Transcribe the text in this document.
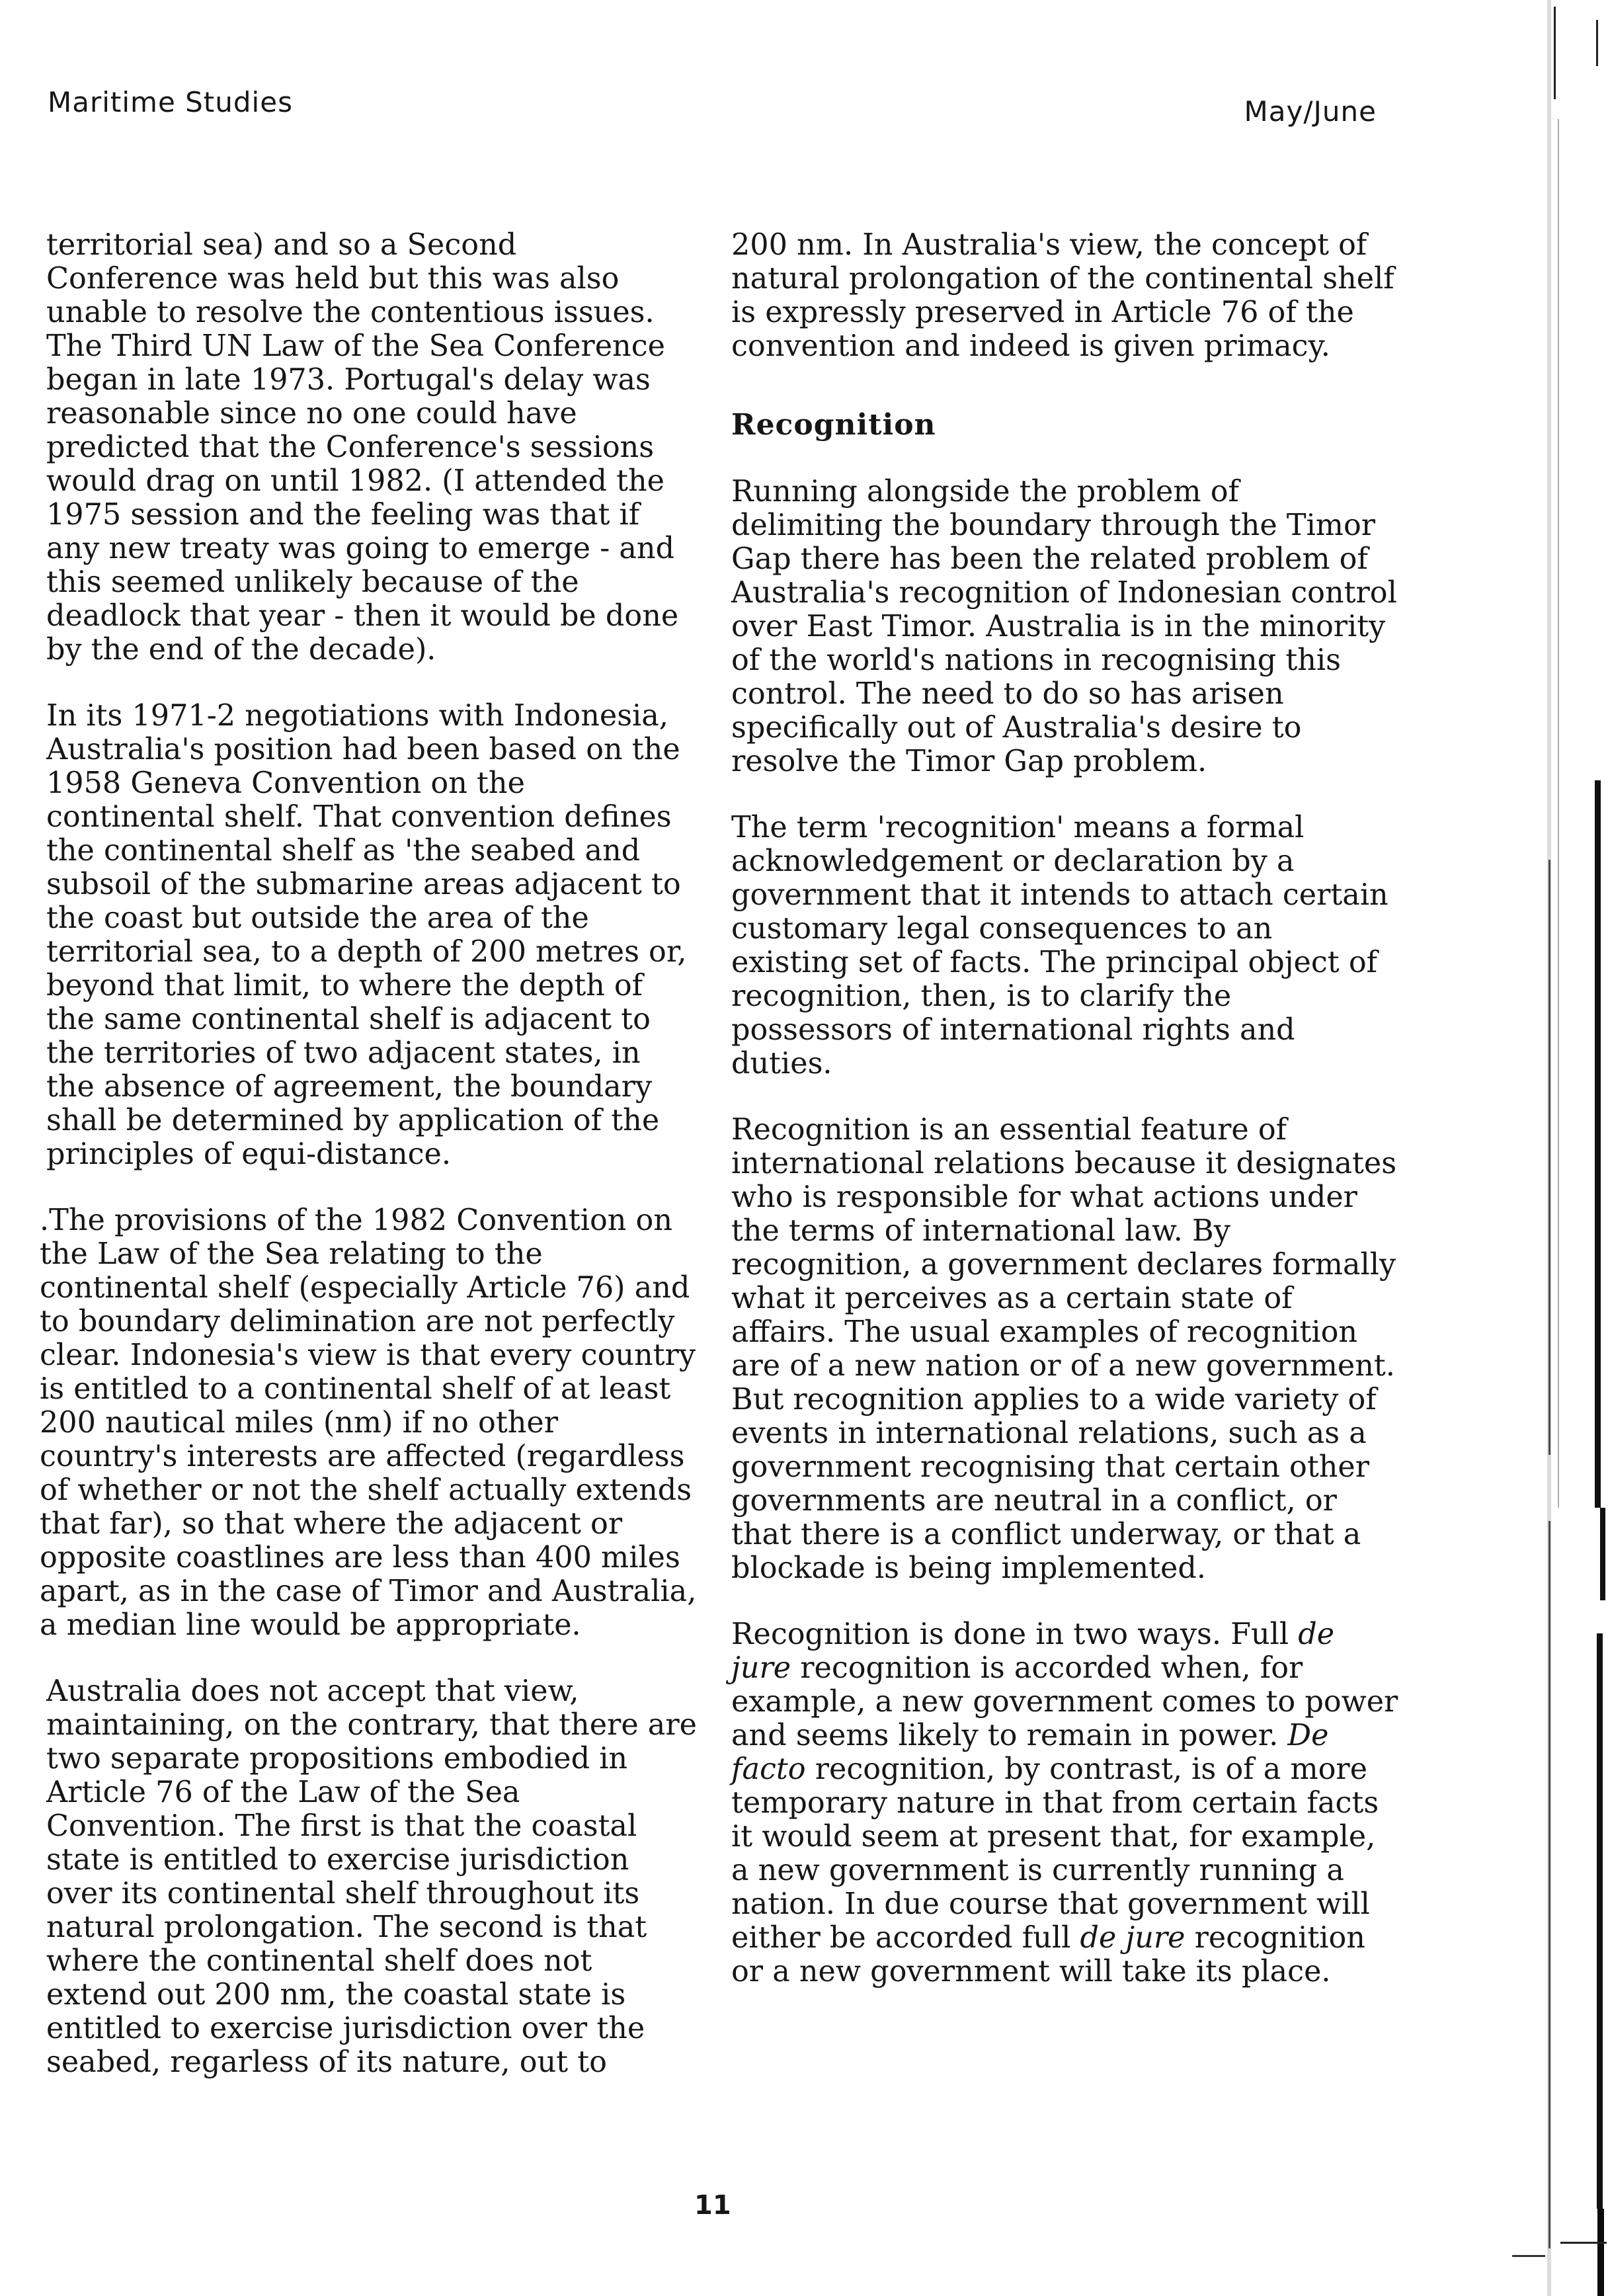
Maritime Studies	May/June

territorial sea) and so a Second Conference was held but this was also unable to resolve the contentious issues. The Third UN Law of the Sea Conference began in late 1973. Portugal's delay was reasonable since no one could have predicted that the Conference's sessions would drag on until 1982. (I attended the 1975 session and the feeling was that if any new treaty was going to emerge - and this seemed unlikely because of the deadlock that year - then it would be done by the end of the decade).

In its 1971-2 negotiations with Indonesia, Australia's position had been based on the 1958 Geneva Convention on the continental shelf. That convention defines the continental shelf as 'the seabed and subsoil of the submarine areas adjacent to the coast but outside the area of the territorial sea, to a depth of 200 metres or, beyond that limit, to where the depth of the same continental shelf is adjacent to the territories of two adjacent states, in the absence of agreement, the boundary shall be determined by application of the principles of equi-distance.

.The provisions of the 1982 Convention on the Law of the Sea relating to the continental shelf (especially Article 76) and to boundary delimination are not perfectly clear. Indonesia's view is that every country is entitled to a continental shelf of at least 200 nautical miles (nm) if no other country's interests are affected (regardless of whether or not the shelf actually extends that far), so that where the adjacent or opposite coastlines are less than 400 miles apart, as in the case of Timor and Australia, a median line would be appropriate.

Australia does not accept that view, maintaining, on the contrary, that there are two separate propositions embodied in Article 76 of the Law of the Sea Convention. The first is that the coastal state is entitled to exercise jurisdiction over its continental shelf throughout its natural prolongation. The second is that where the continental shelf does not extend out 200 nm, the coastal state is entitled to exercise jurisdiction over the seabed, regarless of its nature, out to

200 nm. In Australia's view, the concept of natural prolongation of the continental shelf is expressly preserved in Article 76 of the convention and indeed is given primacy.

Recognition

Running alongside the problem of delimiting the boundary through the Timor Gap there has been the related problem of Australia's recognition of Indonesian control over East Timor. Australia is in the minority of the world's nations in recognising this control. The need to do so has arisen specifically out of Australia's desire to resolve the Timor Gap problem.

The term 'recognition' means a formal acknowledgement or declaration by a government that it intends to attach certain customary legal consequences to an existing set of facts. The principal object of recognition, then, is to clarify the possessors of international rights and duties.

Recognition is an essential feature of international relations because it designates who is responsible for what actions under the terms of international law. By recognition, a government declares formally what it perceives as a certain state of affairs. The usual examples of recognition are of a new nation or of a new government. But recognition applies to a wide variety of events in international relations, such as a government recognising that certain other governments are neutral in a conflict, or that there is a conflict underway, or that a blockade is being implemented.

Recognition is done in two ways. Full de jure recognition is accorded when, for example, a new government comes to power and seems likely to remain in power. De facto recognition, by contrast, is of a more temporary nature in that from certain facts it would seem at present that, for example, a new government is currently running a nation. In due course that government will either be accorded full de jure recognition or a new government will take its place.

11
